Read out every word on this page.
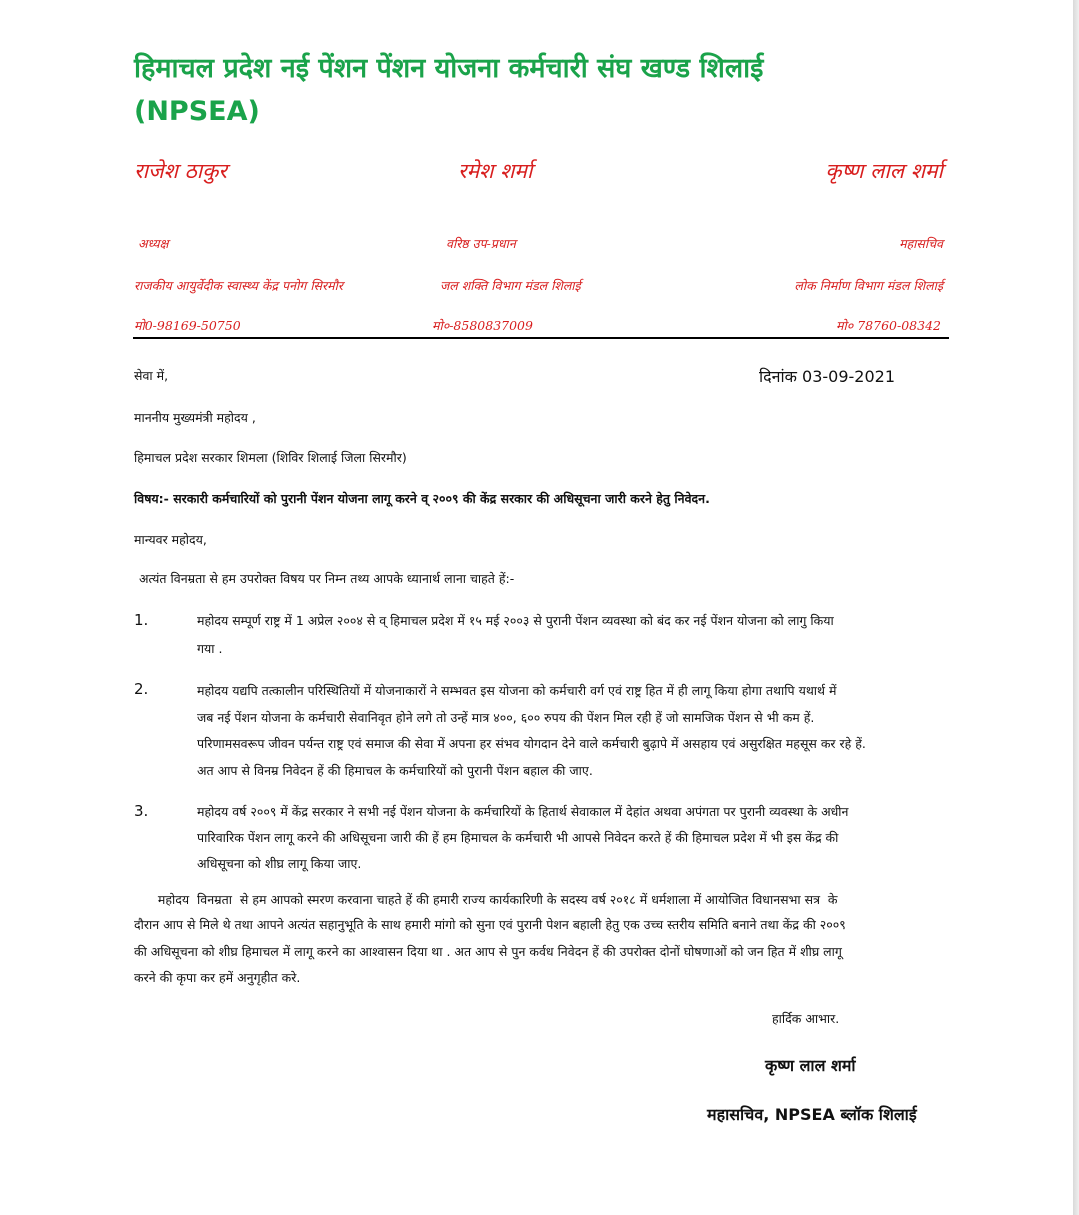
हिमाचल प्रदेश नई पेंशन पेंशन योजना कर्मचारी संघ खण्ड शिलाई
(NPSEA)
राजेश ठाकुर	रमेश शर्मा	कृष्ण लाल शर्मा
अध्यक्ष	वरिष्ठ उप-प्रधान	महासचिव
राजकीय आयुर्वेदीक स्वास्थ्य केंद्र पनोग सिरमौर	जल शक्ति विभाग मंडल शिलाई	लोक निर्माण विभाग मंडल शिलाई
मो0-98169-50750	मो०-8580837009	मो० 78760-08342
सेवा में,	दिनांक 03-09-2021
माननीय मुख्यमंत्री महोदय ,
हिमाचल प्रदेश सरकार शिमला (शिविर शिलाई जिला सिरमौर)
विषय:- सरकारी कर्मचारियों को पुरानी पेंशन योजना लागू करने व् २००९ की केंद्र सरकार की अधिसूचना जारी करने हेतु निवेदन.
मान्यवर महोदय,
अत्यंत विनम्रता से हम उपरोक्त विषय पर निम्न तथ्य आपके ध्यानार्थ लाना चाहते हें:-
1.	महोदय सम्पूर्ण राष्ट्र में 1 अप्रेल २००४ से व् हिमाचल प्रदेश में १५ मई २००३ से पुरानी पेंशन व्यवस्था को बंद कर नई पेंशन योजना को लागु किया
गया .
2.	महोदय यद्यपि तत्कालीन परिस्थितियों में योजनाकारों ने सम्भवत इस योजना को कर्मचारी वर्ग एवं राष्ट्र हित में ही लागू किया होगा तथापि यथार्थ में
जब नई पेंशन योजना के कर्मचारी सेवानिवृत होने लगे तो उन्हें मात्र ४००, ६०० रुपय की पेंशन मिल रही हें जो सामजिक पेंशन से भी कम हें.
परिणामसवरूप जीवन पर्यन्त राष्ट्र एवं समाज की सेवा में अपना हर संभव योगदान देने वाले कर्मचारी बुढ़ापे में असहाय एवं असुरक्षित महसूस कर रहे हें.
अत आप से विनम्र निवेदन हें की हिमाचल के कर्मचारियों को पुरानी पेंशन बहाल की जाए.
3.	महोदय वर्ष २००९ में केंद्र सरकार ने सभी नई पेंशन योजना के कर्मचारियों के हितार्थ सेवाकाल में देहांत अथवा अपंगता पर पुरानी व्यवस्था के अधीन
पारिवारिक पेंशन लागू करने की अधिसूचना जारी की हें हम हिमाचल के कर्मचारी भी आपसे निवेदन करते हें की हिमाचल प्रदेश में भी इस केंद्र की
अधिसूचना को शीघ्र लागू किया जाए.
महोदय  विनम्रता  से हम आपको स्मरण करवाना चाहते हें की हमारी राज्य कार्यकारिणी के सदस्य वर्ष २०१८ में धर्मशाला में आयोजित विधानसभा सत्र  के
दौरान आप से मिले थे तथा आपने अत्यंत सहानुभूति के साथ हमारी मांगो को सुना एवं पुरानी पेशन बहाली हेतु एक उच्च स्तरीय समिति बनाने तथा केंद्र की २००९
की अधिसूचना को शीघ्र हिमाचल में लागू करने का आश्वासन दिया था . अत आप से पुन कर्वध निवेदन हें की उपरोक्त दोनों घोषणाओं को जन हित में शीघ्र लागू
करने की कृपा कर हमें अनुगृहीत करे.
हार्दिक आभार.
कृष्ण लाल शर्मा
महासचिव, NPSEA ब्लॉक शिलाई
